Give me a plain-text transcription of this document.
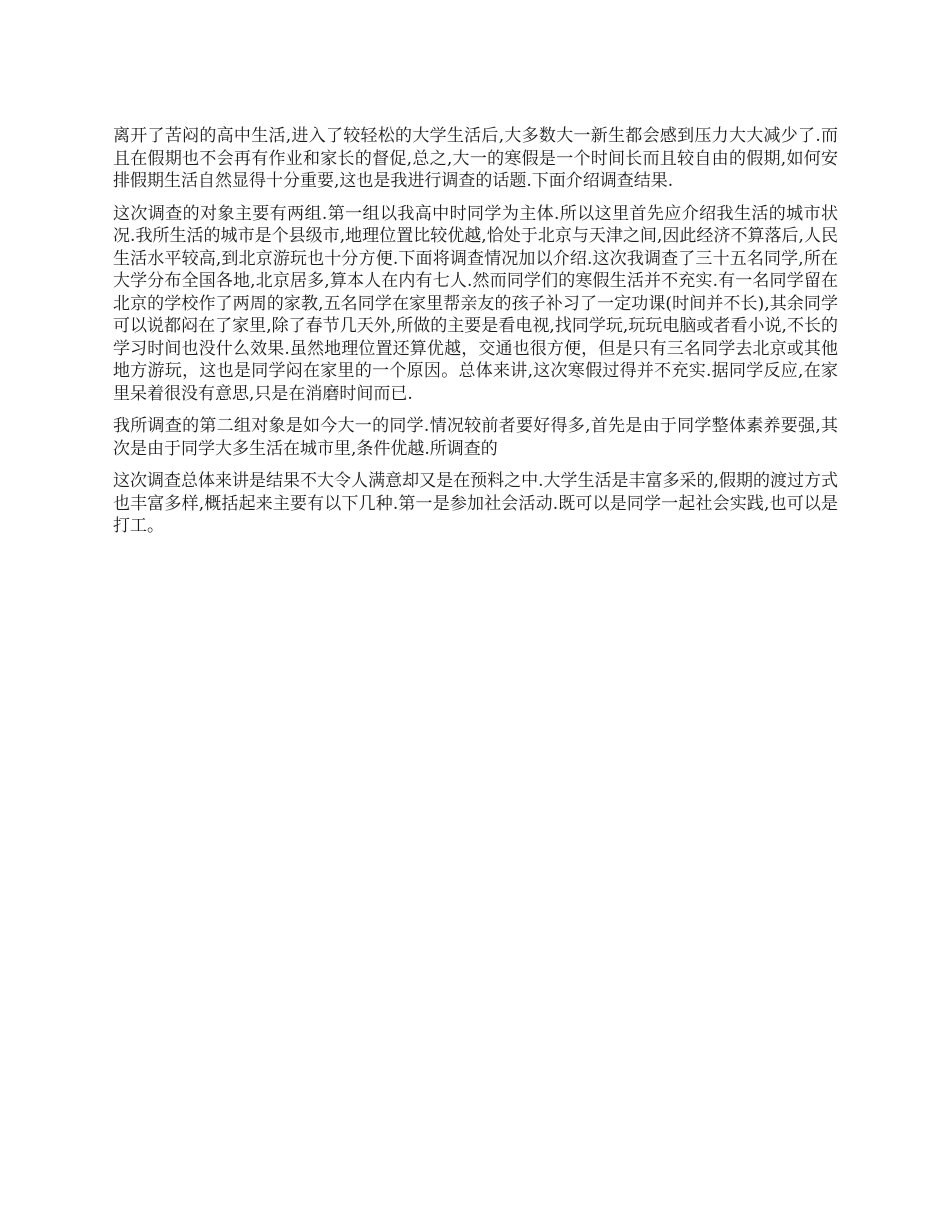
离开了苦闷的高中生活,进入了较轻松的大学生活后,大多数大一新生都会感到压力大大减少了.而且在假期也不会再有作业和家长的督促,总之,大一的寒假是一个时间长而且较自由的假期,如何安排假期生活自然显得十分重要,这也是我进行调查的话题.下面介绍调查结果.

这次调查的对象主要有两组.第一组以我高中时同学为主体.所以这里首先应介绍我生活的城市状况.我所生活的城市是个县级市,地理位置比较优越,恰处于北京与天津之间,因此经济不算落后,人民生活水平较高,到北京游玩也十分方便.下面将调查情况加以介绍.这次我调查了三十五名同学,所在大学分布全国各地,北京居多,算本人在内有七人.然而同学们的寒假生活并不充实.有一名同学留在北京的学校作了两周的家教,五名同学在家里帮亲友的孩子补习了一定功课(时间并不长),其余同学可以说都闷在了家里,除了春节几天外,所做的主要是看电视,找同学玩,玩玩电脑或者看小说,不长的学习时间也没什么效果.虽然地理位置还算优越，交通也很方便，但是只有三名同学去北京或其他地方游玩，这也是同学闷在家里的一个原因。总体来讲,这次寒假过得并不充实.据同学反应,在家里呆着很没有意思,只是在消磨时间而已.

我所调查的第二组对象是如今大一的同学.情况较前者要好得多,首先是由于同学整体素养要强,其次是由于同学大多生活在城市里,条件优越.所调查的

这次调查总体来讲是结果不大令人满意却又是在预料之中.大学生活是丰富多采的,假期的渡过方式也丰富多样,概括起来主要有以下几种.第一是参加社会活动.既可以是同学一起社会实践,也可以是打工。
